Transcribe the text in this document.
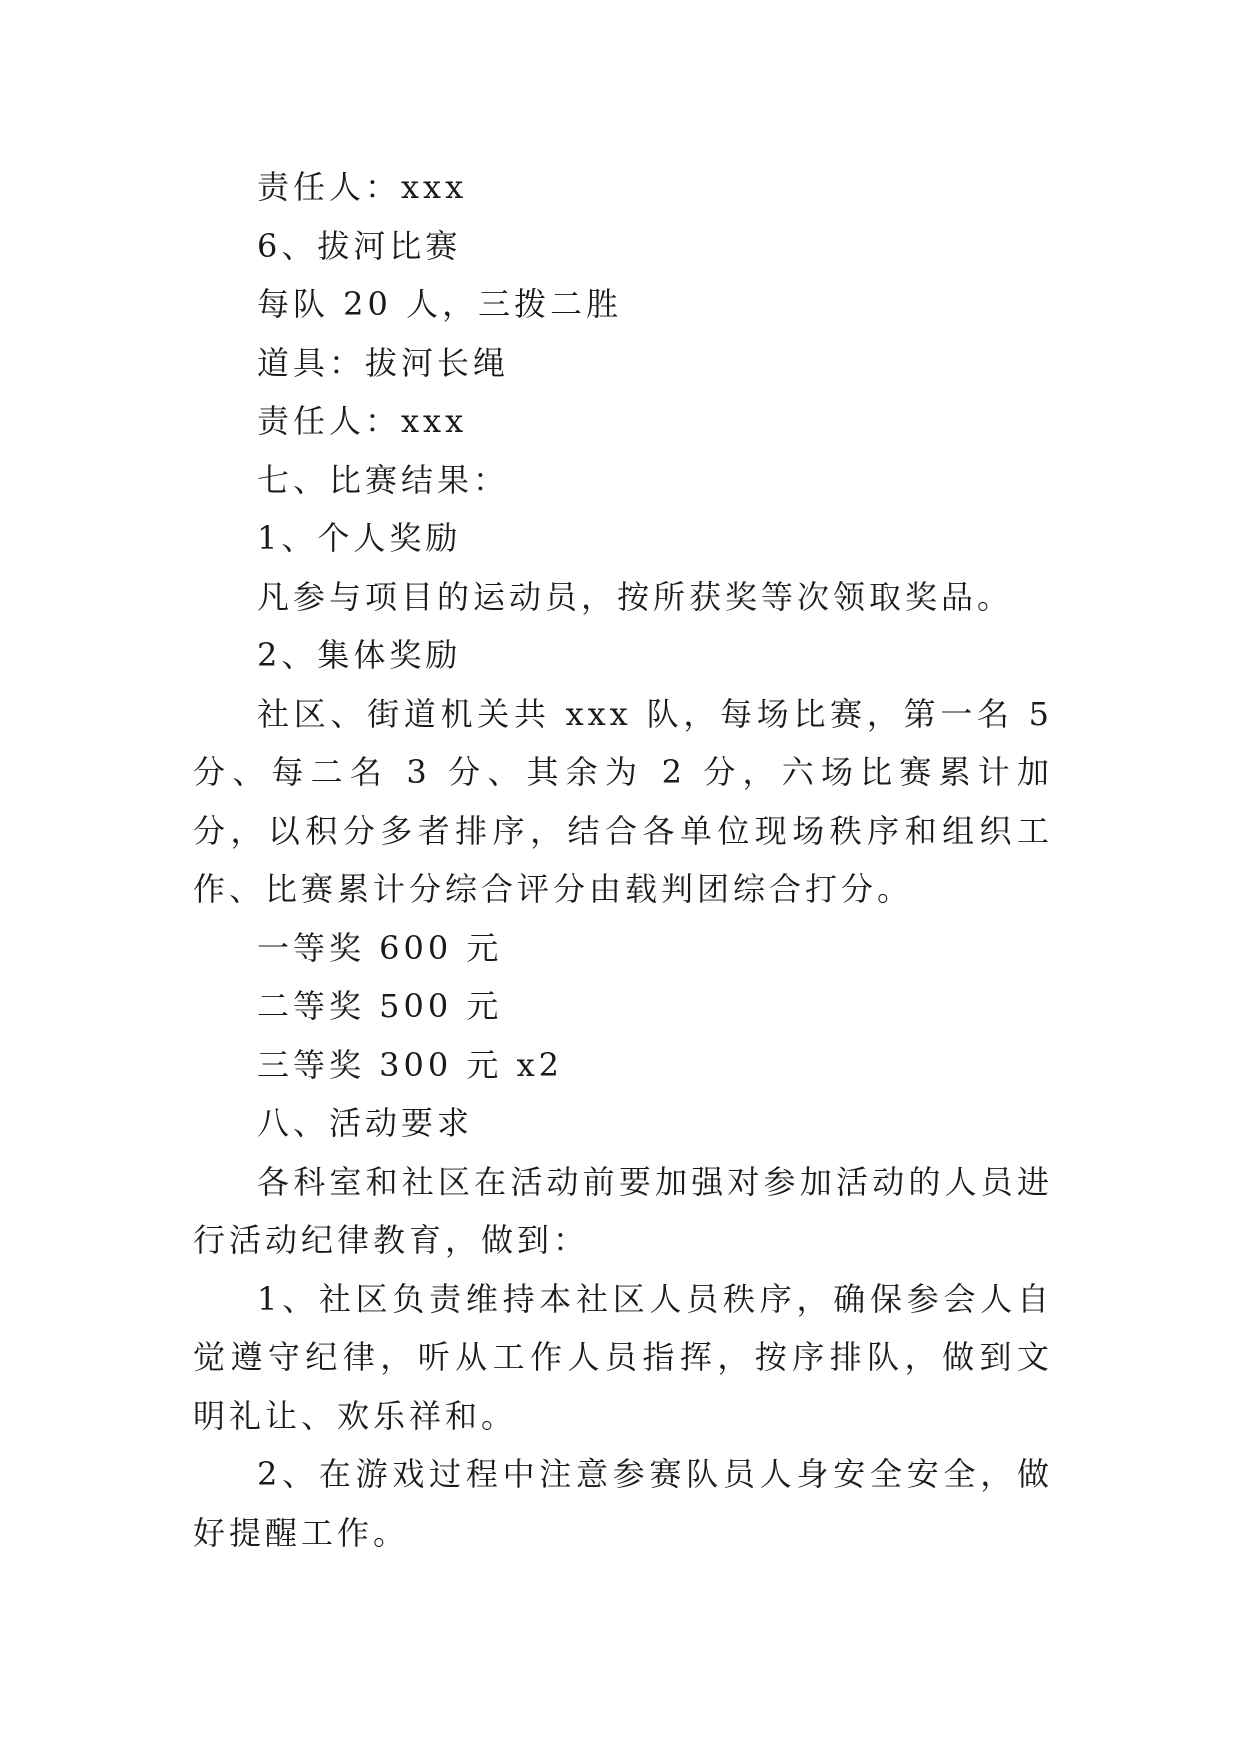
责任人：xxx

6、拔河比赛

每队 20 人，三拨二胜

道具：拔河长绳

责任人：xxx

七、比赛结果：

1、个人奖励

凡参与项目的运动员，按所获奖等次领取奖品。

2、集体奖励

社区、街道机关共 xxx 队，每场比赛，第一名 5 分、每二名 3 分、其余为 2 分，六场比赛累计加分，以积分多者排序，结合各单位现场秩序和组织工作、比赛累计分综合评分由载判团综合打分。

一等奖 600 元

二等奖 500 元

三等奖 300 元 x2

八、活动要求

各科室和社区在活动前要加强对参加活动的人员进行活动纪律教育，做到：

1、社区负责维持本社区人员秩序，确保参会人自觉遵守纪律，听从工作人员指挥，按序排队，做到文明礼让、欢乐祥和。

2、在游戏过程中注意参赛队员人身安全安全，做好提醒工作。
